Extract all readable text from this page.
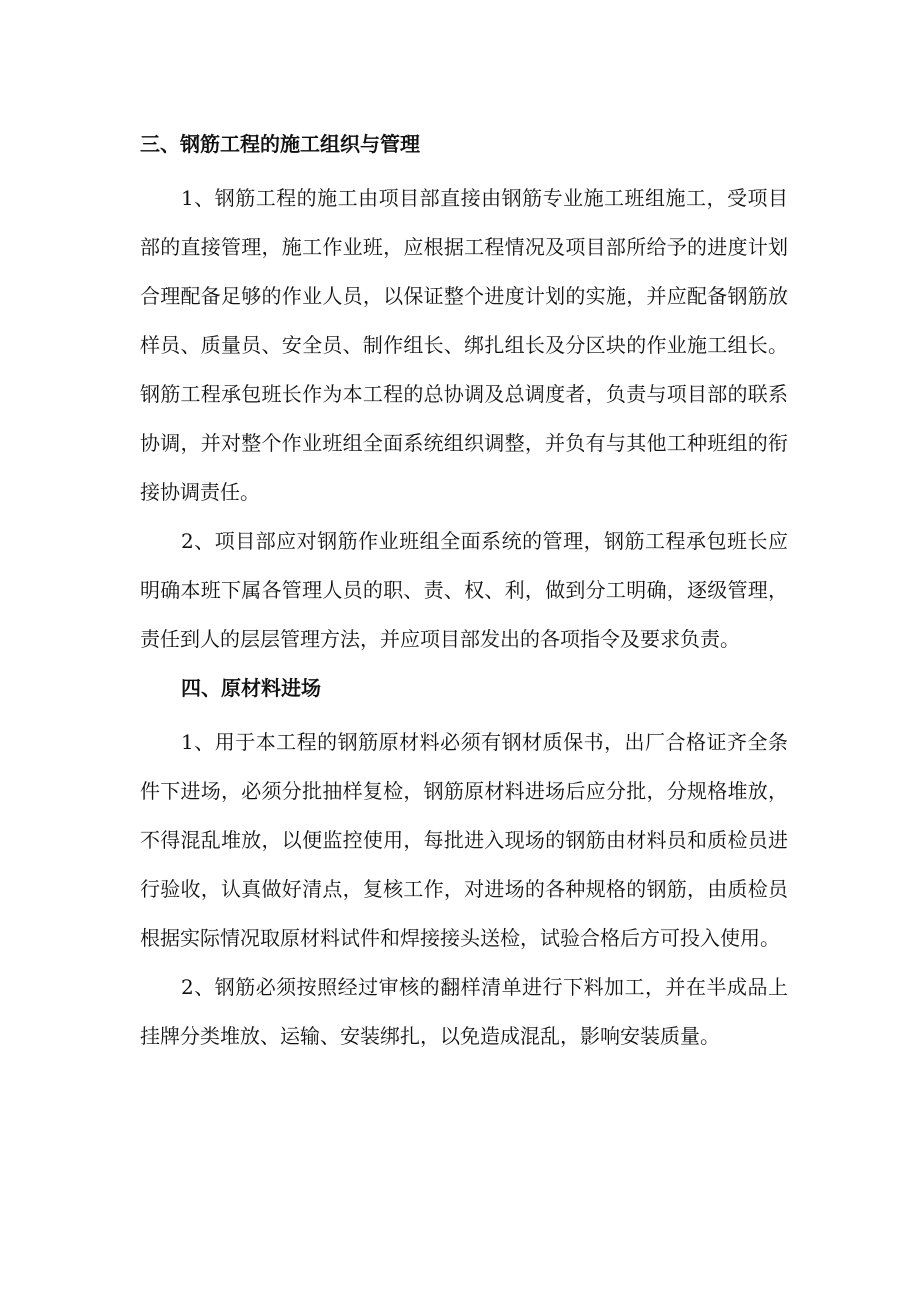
三、钢筋工程的施工组织与管理

1、钢筋工程的施工由项目部直接由钢筋专业施工班组施工，受项目部的直接管理，施工作业班，应根据工程情况及项目部所给予的进度计划合理配备足够的作业人员，以保证整个进度计划的实施，并应配备钢筋放样员、质量员、安全员、制作组长、绑扎组长及分区块的作业施工组长。钢筋工程承包班长作为本工程的总协调及总调度者，负责与项目部的联系协调，并对整个作业班组全面系统组织调整，并负有与其他工种班组的衔接协调责任。

2、项目部应对钢筋作业班组全面系统的管理，钢筋工程承包班长应明确本班下属各管理人员的职、责、权、利，做到分工明确，逐级管理，责任到人的层层管理方法，并应项目部发出的各项指令及要求负责。

四、原材料进场

1、用于本工程的钢筋原材料必须有钢材质保书，出厂合格证齐全条件下进场，必须分批抽样复检，钢筋原材料进场后应分批，分规格堆放，不得混乱堆放，以便监控使用，每批进入现场的钢筋由材料员和质检员进行验收，认真做好清点，复核工作，对进场的各种规格的钢筋，由质检员根据实际情况取原材料试件和焊接接头送检，试验合格后方可投入使用。

2、钢筋必须按照经过审核的翻样清单进行下料加工，并在半成品上挂牌分类堆放、运输、安装绑扎，以免造成混乱，影响安装质量。
